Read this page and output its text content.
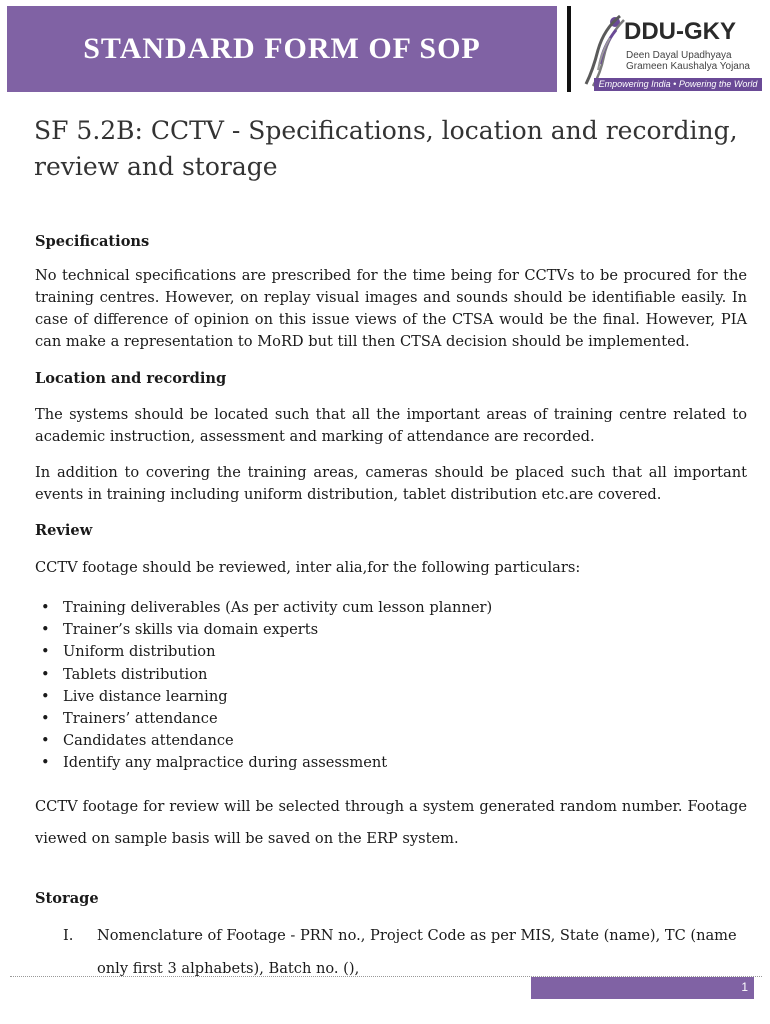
STANDARD FORM OF SOP
DDU-GKY
Deen Dayal Upadhyaya
Grameen Kaushalya Yojana
Empowering India • Powering the World
SF 5.2B: CCTV - Specifications, location and recording, review and storage
Specifications
No technical specifications are prescribed for the time being for CCTVs to be procured for the training centres. However, on replay visual images and sounds should be identifiable easily. In case of difference of opinion on this issue views of the CTSA would be the final. However, PIA can make a representation to MoRD but till then CTSA decision should be implemented.
Location and recording
The systems should be located such that all the important areas of training centre related to academic instruction, assessment and marking of attendance are recorded.
In addition to covering the training areas, cameras should be placed such that all important events in training including uniform distribution, tablet distribution etc.are covered.
Review
CCTV footage should be reviewed, inter alia,for the following particulars:
• Training deliverables (As per activity cum lesson planner)
• Trainer’s skills via domain experts
• Uniform distribution
• Tablets distribution
• Live distance learning
• Trainers’ attendance
• Candidates attendance
• Identify any malpractice during assessment
CCTV footage for review will be selected through a system generated random number. Footage viewed on sample basis will be saved on the ERP system.
Storage
I. Nomenclature of Footage - PRN no., Project Code as per MIS, State (name), TC (name only first 3 alphabets), Batch no. (),
1
